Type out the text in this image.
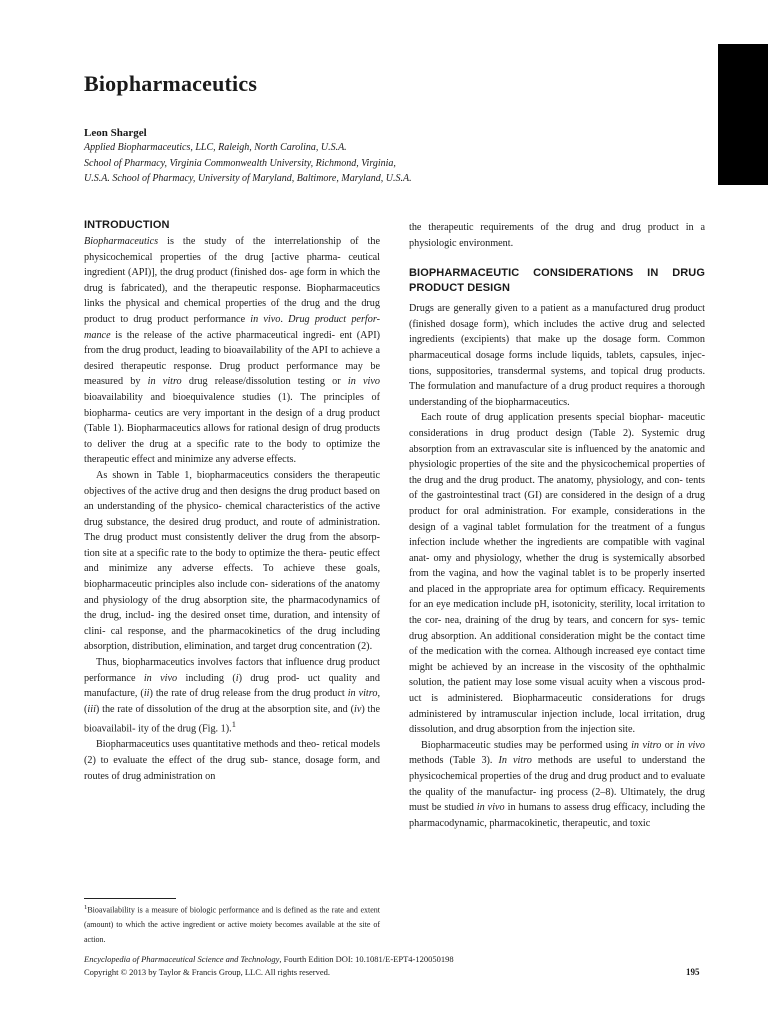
Biopharmaceutics
Leon Shargel
Applied Biopharmaceutics, LLC, Raleigh, North Carolina, U.S.A.
School of Pharmacy, Virginia Commonwealth University, Richmond, Virginia,
U.S.A. School of Pharmacy, University of Maryland, Baltimore, Maryland, U.S.A.
INTRODUCTION

Biopharmaceutics is the study of the interrelationship of the physicochemical properties of the drug [active pharma- ceutical ingredient (API)], the drug product (finished dos- age form in which the drug is fabricated), and the therapeutic response. Biopharmaceutics links the physical and chemical properties of the drug and the drug product to drug product performance in vivo. Drug product perfor- mance is the release of the active pharmaceutical ingredi- ent (API) from the drug product, leading to bioavailability of the API to achieve a desired therapeutic response. Drug product performance may be measured by in vitro drug release/dissolution testing or in vivo bioavailability and bioequivalence studies (1). The principles of biopharma- ceutics are very important in the design of a drug product (Table 1). Biopharmaceutics allows for rational design of drug products to deliver the drug at a specific rate to the body to optimize the therapeutic effect and minimize any adverse effects.

As shown in Table 1, biopharmaceutics considers the therapeutic objectives of the active drug and then designs the drug product based on an understanding of the physico- chemical characteristics of the active drug substance, the desired drug product, and route of administration. The drug product must consistently deliver the drug from the absorp- tion site at a specific rate to the body to optimize the thera- peutic effect and minimize any adverse effects. To achieve these goals, biopharmaceutic principles also include con- siderations of the anatomy and physiology of the drug absorption site, the pharmacodynamics of the drug, includ- ing the desired onset time, duration, and intensity of clini- cal response, and the pharmacokinetics of the drug including absorption, distribution, elimination, and target drug concentration (2).

Thus, biopharmaceutics involves factors that influence drug product performance in vivo including (i) drug prod- uct quality and manufacture, (ii) the rate of drug release from the drug product in vitro, (iii) the rate of dissolution of the drug at the absorption site, and (iv) the bioavailabil- ity of the drug (Fig. 1).$^1$

Biopharmaceutics uses quantitative methods and theo- retical models (2) to evaluate the effect of the drug sub- stance, dosage form, and routes of drug administration on

the therapeutic requirements of the drug and drug product in a physiologic environment.

BIOPHARMACEUTIC CONSIDERATIONS IN DRUG PRODUCT DESIGN

Drugs are generally given to a patient as a manufactured drug product (finished dosage form), which includes the active drug and selected ingredients (excipients) that make up the dosage form. Common pharmaceutical dosage forms include liquids, tablets, capsules, injec- tions, suppositories, transdermal systems, and topical drug products. The formulation and manufacture of a drug product requires a thorough understanding of the biopharmaceutics.

Each route of drug application presents special biophar- maceutic considerations in drug product design (Table 2). Systemic drug absorption from an extravascular site is influenced by the anatomic and physiologic properties of the site and the physicochemical properties of the drug and the drug product. The anatomy, physiology, and con- tents of the gastrointestinal tract (GI) are considered in the design of a drug product for oral administration. For example, considerations in the design of a vaginal tablet formulation for the treatment of a fungus infection include whether the ingredients are compatible with vaginal anat- omy and physiology, whether the drug is systemically absorbed from the vagina, and how the vaginal tablet is to be properly inserted and placed in the appropriate area for optimum efficacy. Requirements for an eye medication include pH, isotonicity, sterility, local irritation to the cor- nea, draining of the drug by tears, and concern for sys- temic drug absorption. An additional consideration might be the contact time of the medication with the cornea. Although increased eye contact time might be achieved by an increase in the viscosity of the ophthalmic solution, the patient may lose some visual acuity when a viscous prod- uct is administered. Biopharmaceutic considerations for drugs administered by intramuscular injection include, local irritation, drug dissolution, and drug absorption from the injection site.

Biopharmaceutic studies may be performed using in vitro or in vivo methods (Table 3). In vitro methods are useful to understand the physicochemical properties of the drug and drug product and to evaluate the quality of the manufactur- ing process (2–8). Ultimately, the drug must be studied in vivo in humans to assess drug efficacy, including the pharmacodynamic, pharmacokinetic, therapeutic, and toxic

$^1$Bioavailability is a measure of biologic performance and is defined as the rate and extent (amount) to which the active ingredient or active moiety becomes available at the site of action.
Encyclopedia of Pharmaceutical Science and Technology, Fourth Edition DOI: 10.1081/E-EPT4-120050198
Copyright © 2013 by Taylor & Francis Group, LLC. All rights reserved.	195
